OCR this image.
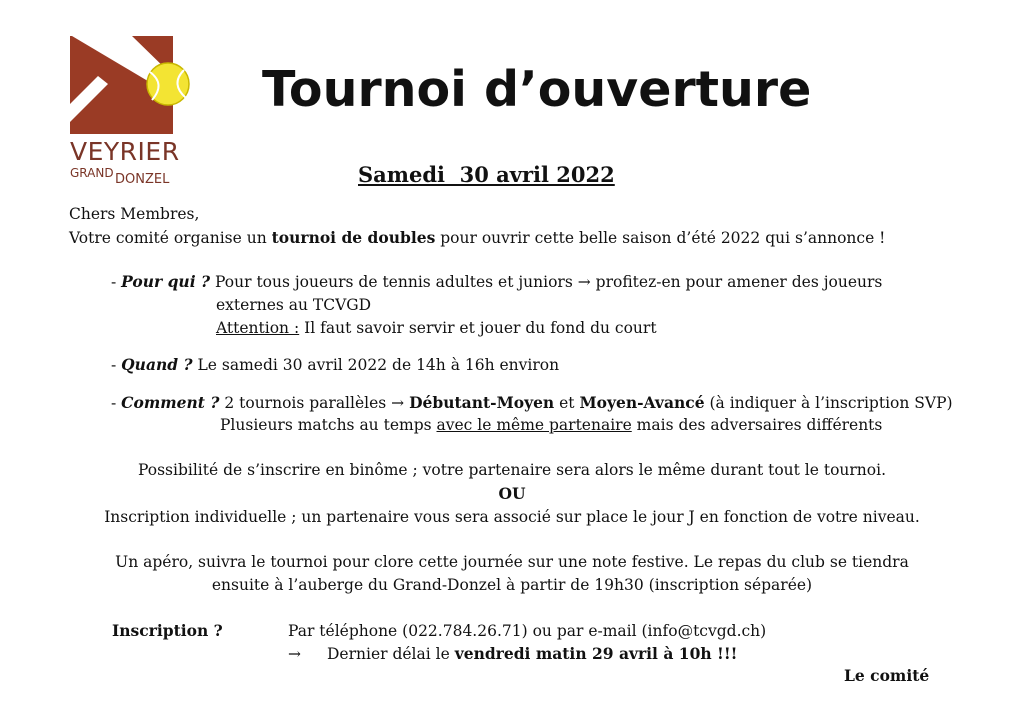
VEYRIER
GRAND DONZEL
Tournoi d’ouverture
Samedi  30 avril 2022
Chers Membres,
Votre comité organise un tournoi de doubles pour ouvrir cette belle saison d’été 2022 qui s’annonce !
- Pour qui ? Pour tous joueurs de tennis adultes et juniors → profitez-en pour amener des joueurs
externes au TCVGD
Attention : Il faut savoir servir et jouer du fond du court
- Quand ? Le samedi 30 avril 2022 de 14h à 16h environ
- Comment ? 2 tournois parallèles → Débutant-Moyen et Moyen-Avancé (à indiquer à l’inscription SVP)
Plusieurs matchs au temps avec le même partenaire mais des adversaires différents
Possibilité de s’inscrire en binôme ; votre partenaire sera alors le même durant tout le tournoi.
OU
Inscription individuelle ; un partenaire vous sera associé sur place le jour J en fonction de votre niveau.
Un apéro, suivra le tournoi pour clore cette journée sur une note festive. Le repas du club se tiendra
ensuite à l’auberge du Grand-Donzel à partir de 19h30 (inscription séparée)
Inscription ?	Par téléphone (022.784.26.71) ou par e-mail (info@tcvgd.ch)
→ Dernier délai le vendredi matin 29 avril à 10h !!!
Le comité
